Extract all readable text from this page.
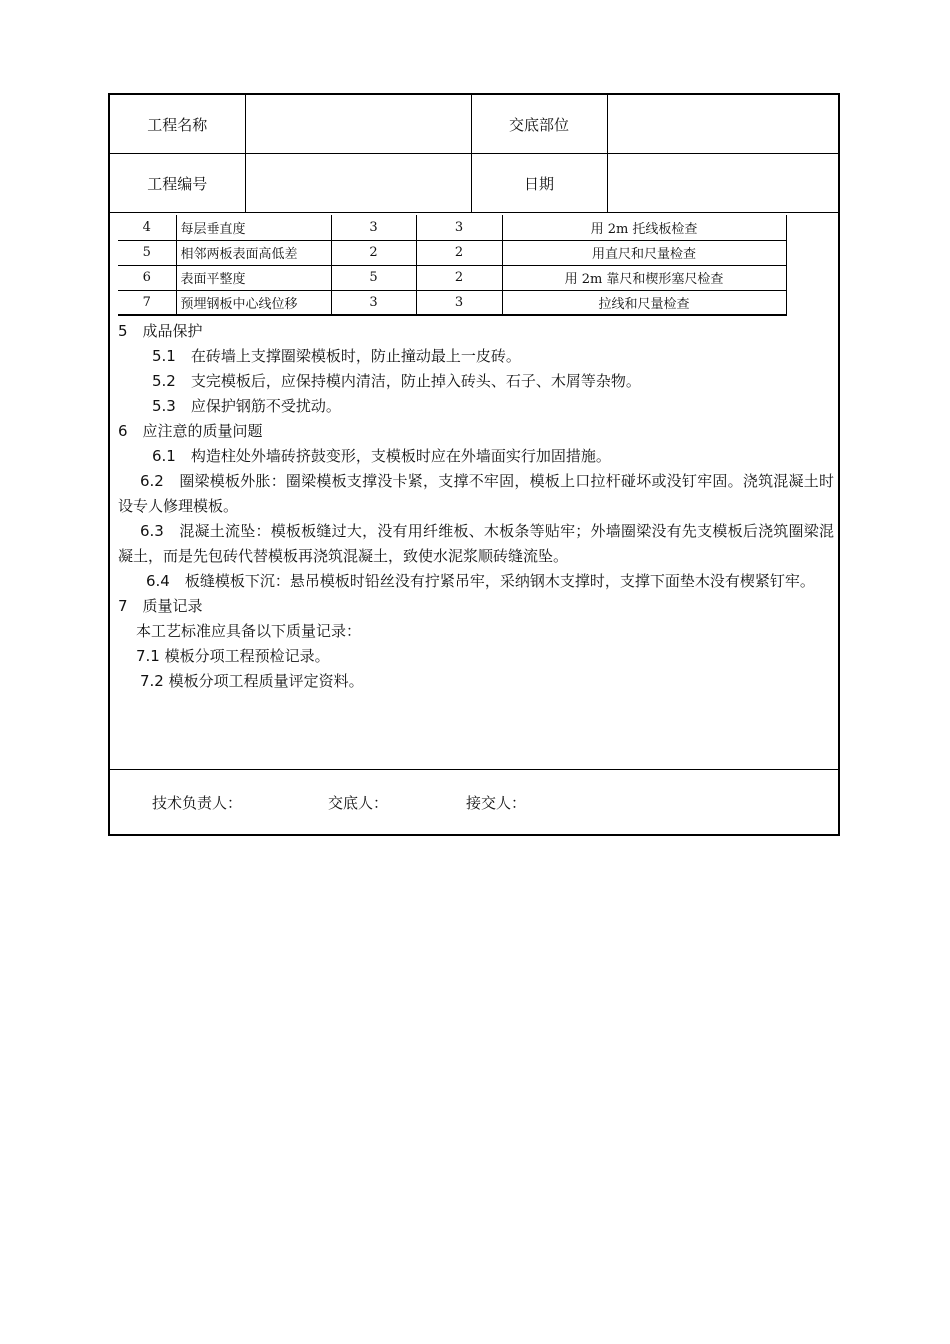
工程名称		交底部位	
工程编号		日期	
4	每层垂直度	3	3	用 2m 托线板检查
5	相邻两板表面高低差	2	2	用直尺和尺量检查
6	表面平整度	5	2	用 2m 靠尺和楔形塞尺检查
7	预埋钢板中心线位移	3	3	拉线和尺量检查

5　成品保护

5.1　 在砖墙上支撑圈梁模板时，防止撞动最上一皮砖。

5.2　 支完模板后，应保持模内清洁，防止掉入砖头、石子、木屑等杂物。

5.3　 应保护钢筋不受扰动。

6　应注意的质量问题

6.1　 构造柱处外墙砖挤鼓变形，支模板时应在外墙面实行加固措施。

6.2　 圈梁模板外胀：圈梁模板支撑没卡紧，支撑不牢固，模板上口拉杆碰坏或没钉牢固。浇筑混凝土时设专人修理模板。

6.3　 混凝土流坠：模板板缝过大，没有用纤维板、木板条等贴牢；外墙圈梁没有先支模板后浇筑圈梁混凝土，而是先包砖代替模板再浇筑混凝土，致使水泥浆顺砖缝流坠。

6.4　 板缝模板下沉：悬吊模板时铅丝没有拧紧吊牢，采纳钢木支撑时，支撑下面垫木没有楔紧钉牢。

7　质量记录

本工艺标准应具备以下质量记录：

7.1 模板分项工程预检记录。

7.2 模板分项工程质量评定资料。

技术负责人：	交底人：	接交人：
